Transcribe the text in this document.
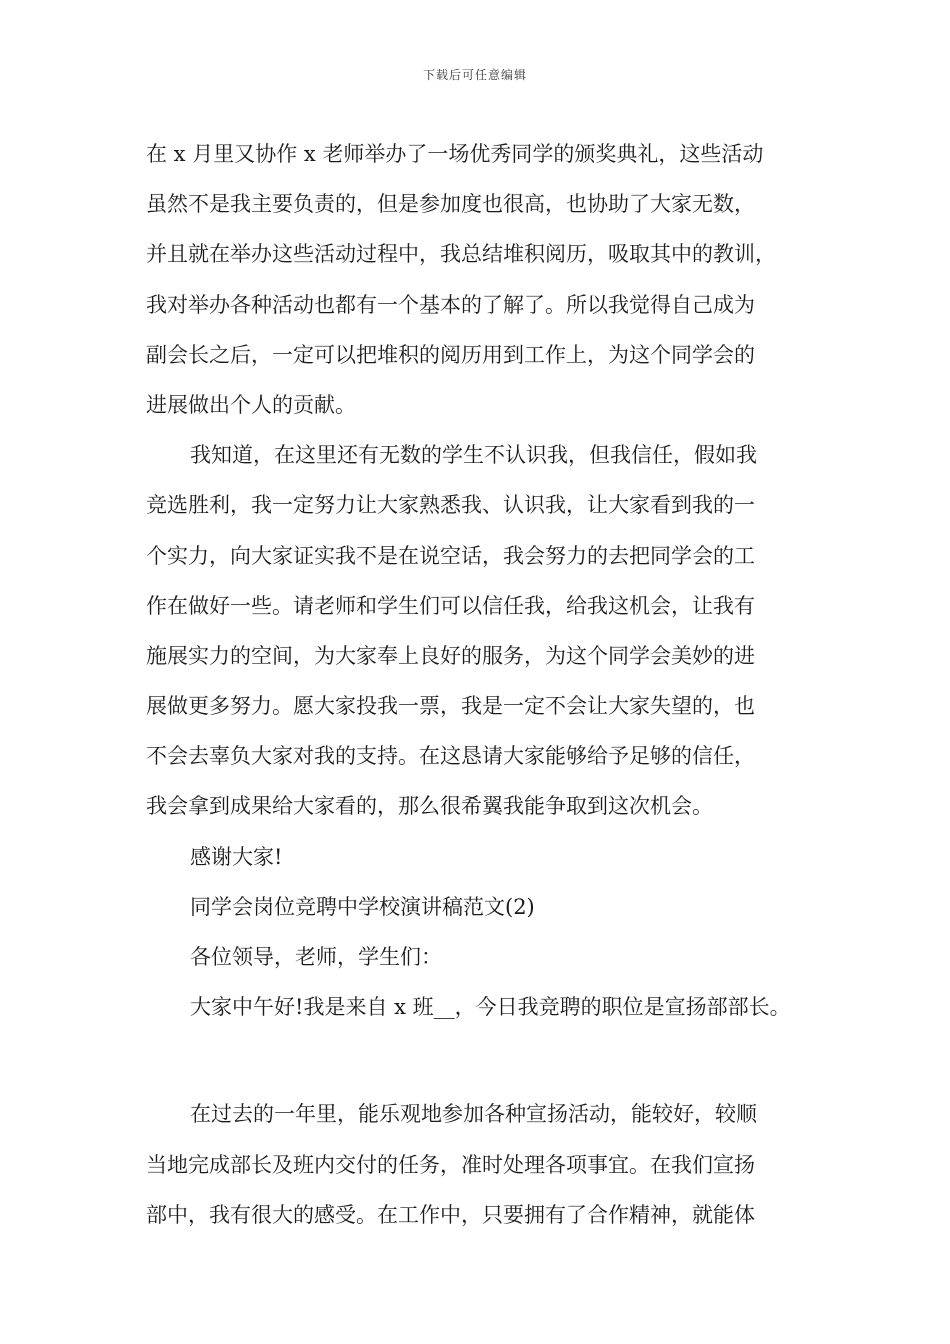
下载后可任意编辑
在 x 月里又协作 x 老师举办了一场优秀同学的颁奖典礼，这些活动
虽然不是我主要负责的，但是参加度也很高，也协助了大家无数，
并且就在举办这些活动过程中，我总结堆积阅历，吸取其中的教训，
我对举办各种活动也都有一个基本的了解了。所以我觉得自己成为
副会长之后，一定可以把堆积的阅历用到工作上，为这个同学会的
进展做出个人的贡献。
我知道，在这里还有无数的学生不认识我，但我信任，假如我
竞选胜利，我一定努力让大家熟悉我、认识我，让大家看到我的一
个实力，向大家证实我不是在说空话，我会努力的去把同学会的工
作在做好一些。请老师和学生们可以信任我，给我这机会，让我有
施展实力的空间，为大家奉上良好的服务，为这个同学会美妙的进
展做更多努力。愿大家投我一票，我是一定不会让大家失望的，也
不会去辜负大家对我的支持。在这恳请大家能够给予足够的信任，
我会拿到成果给大家看的，那么很希翼我能争取到这次机会。
感谢大家!
同学会岗位竞聘中学校演讲稿范文(2)
各位领导，老师，学生们：
大家中午好!我是来自 x 班__，今日我竞聘的职位是宣扬部部长。
在过去的一年里，能乐观地参加各种宣扬活动，能较好，较顺
当地完成部长及班内交付的任务，准时处理各项事宜。在我们宣扬
部中，我有很大的感受。在工作中，只要拥有了合作精神，就能体
